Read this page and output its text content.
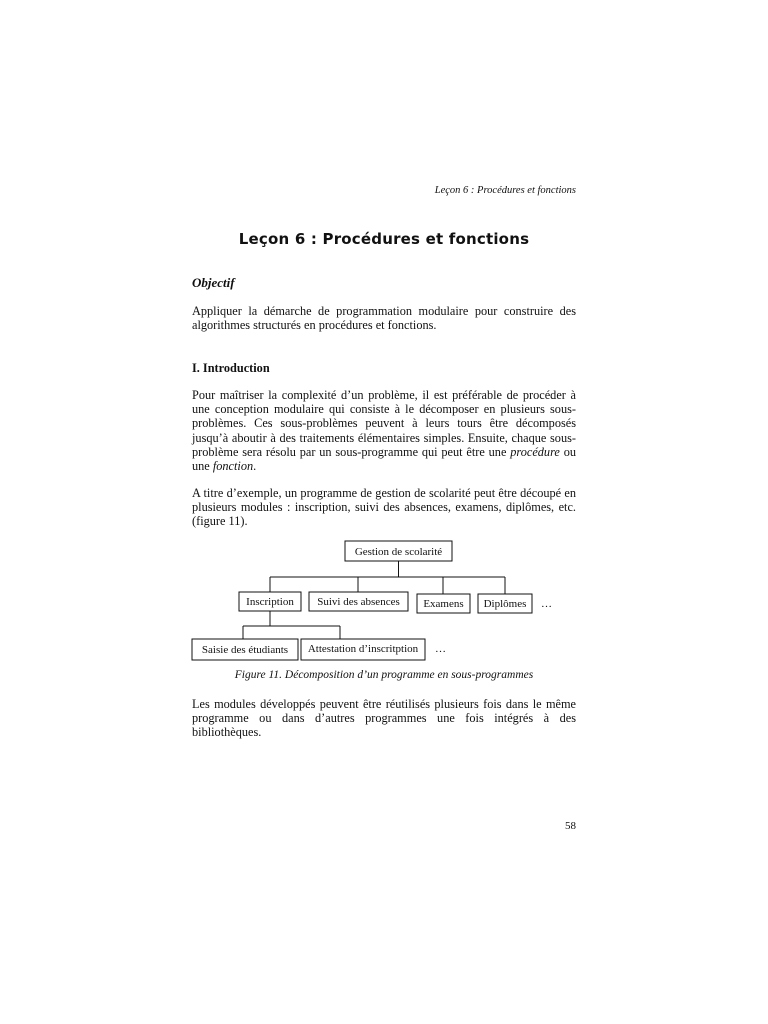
Leçon 6 : Procédures et fonctions
Leçon 6 : Procédures et fonctions
Objectif
Appliquer la démarche de programmation modulaire pour construire des algorithmes structurés en procédures et fonctions.
I. Introduction
Pour maîtriser la complexité d’un problème, il est préférable de procéder à une conception modulaire qui consiste à le décomposer en plusieurs sous-problèmes. Ces sous-problèmes peuvent à leurs tours être décomposés jusqu’à aboutir à des traitements élémentaires simples. Ensuite, chaque sous-problème sera résolu par un sous-programme qui peut être une procédure ou une fonction.
A titre d’exemple, un programme de gestion de scolarité peut être découpé en plusieurs modules : inscription, suivi des absences, examens, diplômes, etc. (figure 11).
Gestion de scolarité
Inscription Suivi des absences Examens Diplômes …
Saisie des étudiants Attestation d’inscritption …
Figure 11. Décomposition d’un programme en sous-programmes
Les modules développés peuvent être réutilisés plusieurs fois dans le même programme ou dans d’autres programmes une fois intégrés à des bibliothèques.
58
